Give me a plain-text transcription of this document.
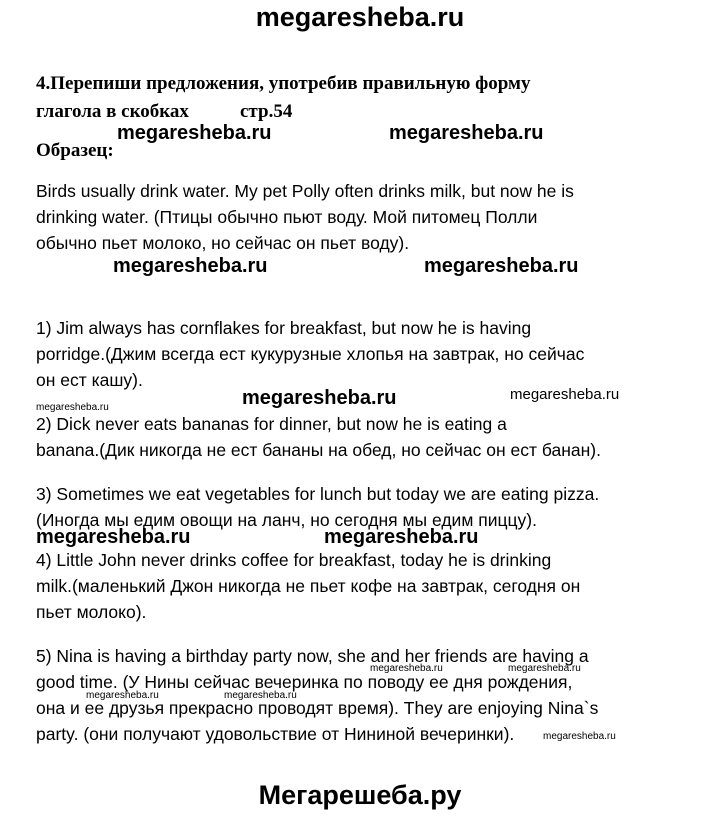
megaresheba.ru
4.Перепиши предложения, употребив правильную форму
глагола в скобках	стр.54
megaresheba.ru	megaresheba.ru
Образец:
Birds usually drink water. My pet Polly often drinks milk, but now he is
drinking water. (Птицы обычно пьют воду. Мой питомец Полли
обычно пьет молоко, но сейчас он пьет воду).
megaresheba.ru	megaresheba.ru
1) Jim always has cornflakes for breakfast, but now he is having
porridge.(Джим всегда ест кукурузные хлопья на завтрак, но сейчас
он ест кашу).
megaresheba.ru	megaresheba.ru
megaresheba.ru
2) Dick never eats bananas for dinner, but now he is eating a
banana.(Дик никогда не ест бананы на обед, но сейчас он ест банан).
3) Sometimes we eat vegetables for lunch but today we are eating pizza.
(Иногда мы едим овощи на ланч, но сегодня мы едим пиццу).
megaresheba.ru	megaresheba.ru
4) Little John never drinks coffee for breakfast, today he is drinking
milk.(маленький Джон никогда не пьет кофе на завтрак, сегодня он
пьет молоко).
5) Nina is having a birthday party now, she and her friends are having a
good time. (У Нины сейчас вечеринка по поводу ее дня рождения,
она и ее друзья прекрасно проводят время). They are enjoying Nina`s
party. (они получают удовольствие от Нининой вечеринки).
megaresheba.ru	megaresheba.ru
megaresheba.ru	megaresheba.ru
megaresheba.ru
Мегарешеба.ру
